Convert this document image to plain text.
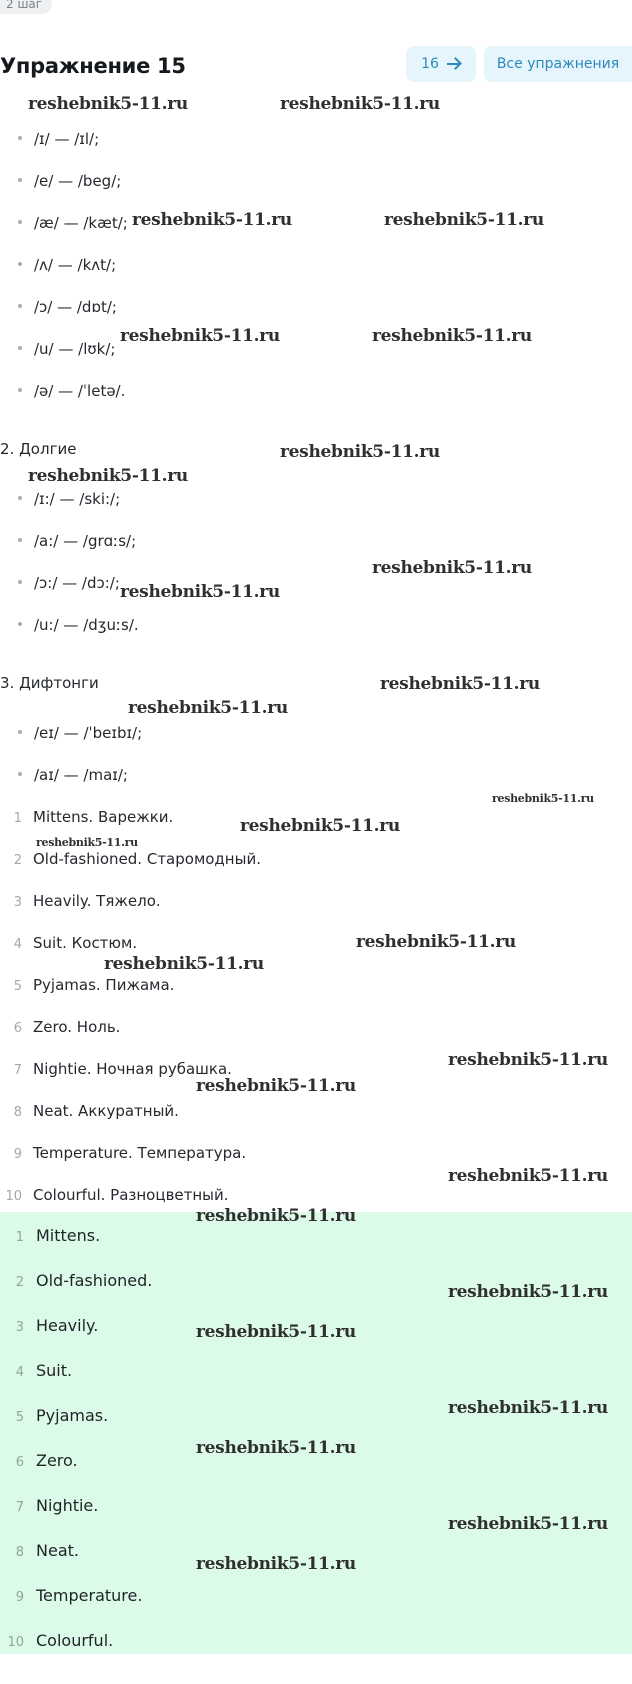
2 шаг
Упражнение 15	16	Все упражнения
/ɪ/ — /ɪl/;
/e/ — /beg/;
/æ/ — /kæt/;
/ʌ/ — /kʌt/;
/ɔ/ — /dɒt/;
/u/ — /lʊk/;
/ə/ — /ˈletə/.
2. Долгие
/ɪ:/ — /ski:/;
/a:/ — /grɑːs/;
/ɔ:/ — /dɔ:/;
/u:/ — /dʒuːs/.
3. Дифтонги
/eɪ/ — /ˈbeɪbɪ/;
/aɪ/ — /maɪ/;
1 Mittens. Варежки.
2 Old-fashioned. Старомодный.
3 Heavily. Тяжело.
4 Suit. Костюм.
5 Pyjamas. Пижама.
6 Zero. Ноль.
7 Nightie. Ночная рубашка.
8 Neat. Аккуратный.
9 Temperature. Температура.
10 Colourful. Разноцветный.
1 Mittens.
2 Old-fashioned.
3 Heavily.
4 Suit.
5 Pyjamas.
6 Zero.
7 Nightie.
8 Neat.
9 Temperature.
10 Colourful.
reshebnik5-11.ru	reshebnik5-11.ru
reshebnik5-11.ru	reshebnik5-11.ru
reshebnik5-11.ru	reshebnik5-11.ru
reshebnik5-11.ru
reshebnik5-11.ru
reshebnik5-11.ru
reshebnik5-11.ru
reshebnik5-11.ru
reshebnik5-11.ru
reshebnik5-11.ru
reshebnik5-11.ru
reshebnik5-11.ru
reshebnik5-11.ru
reshebnik5-11.ru
reshebnik5-11.ru
reshebnik5-11.ru
reshebnik5-11.ru
reshebnik5-11.ru
reshebnik5-11.ru
reshebnik5-11.ru
reshebnik5-11.ru
reshebnik5-11.ru
reshebnik5-11.ru
reshebnik5-11.ru
